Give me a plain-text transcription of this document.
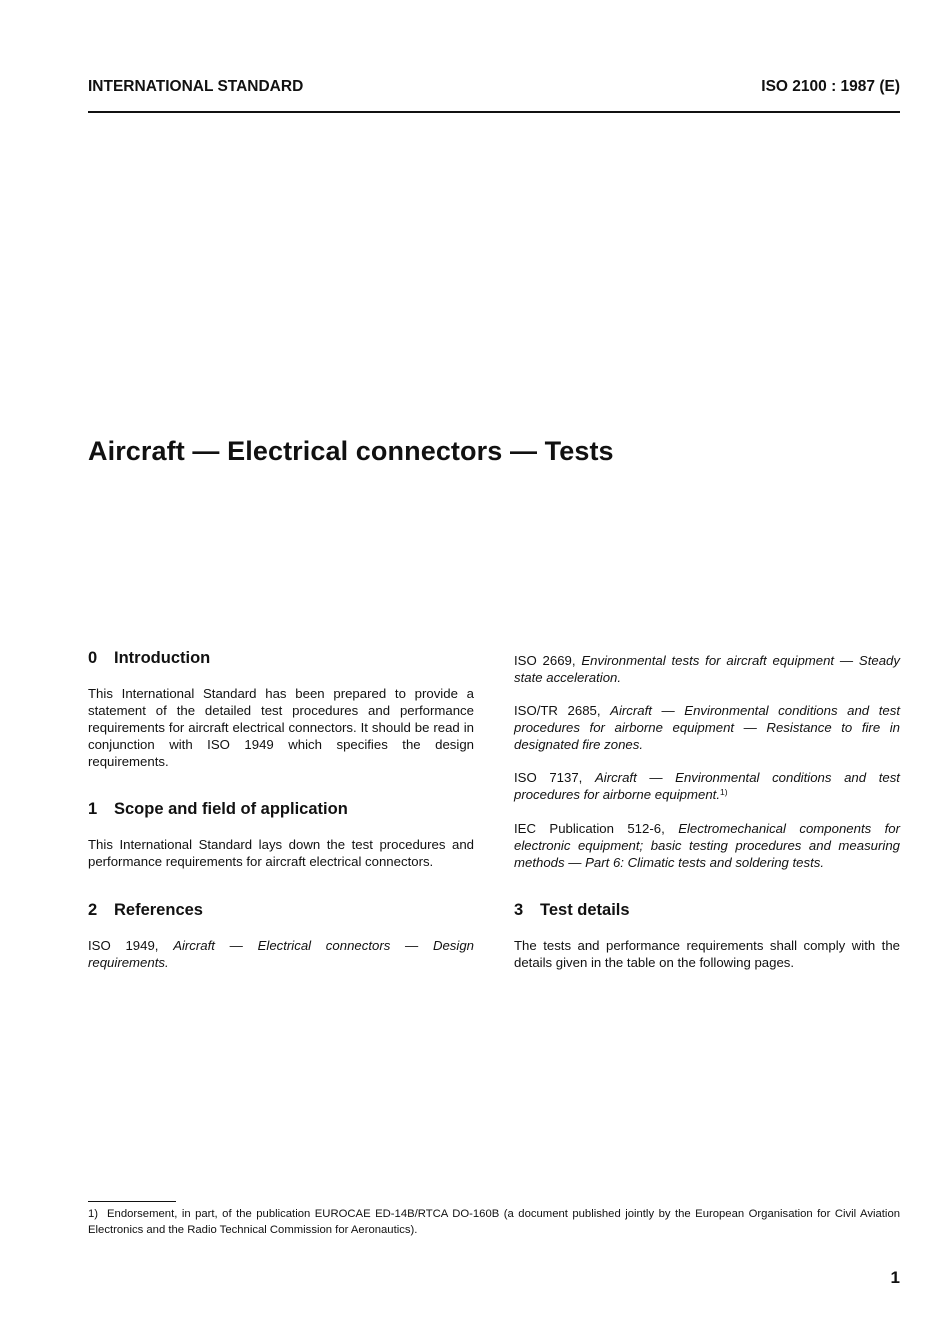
INTERNATIONAL STANDARD	ISO 2100 : 1987 (E)
Aircraft — Electrical connectors — Tests
0 Introduction
This International Standard has been prepared to provide a statement of the detailed test procedures and performance requirements for aircraft electrical connectors. It should be read in conjunction with ISO 1949 which specifies the design requirements.
1 Scope and field of application
This International Standard lays down the test procedures and performance requirements for aircraft electrical connectors.
2 References
ISO 1949, Aircraft — Electrical connectors — Design requirements.
ISO 2669, Environmental tests for aircraft equipment — Steady state acceleration.
ISO/TR 2685, Aircraft — Environmental conditions and test procedures for airborne equipment — Resistance to fire in designated fire zones.
ISO 7137, Aircraft — Environmental conditions and test procedures for airborne equipment.$^{1)}$
IEC Publication 512-6, Electromechanical components for electronic equipment; basic testing procedures and measuring methods — Part 6: Climatic tests and soldering tests.
3 Test details
The tests and performance requirements shall comply with the details given in the table on the following pages.
1) Endorsement, in part, of the publication EUROCAE ED-14B/RTCA DO-160B (a document published jointly by the European Organisation for Civil Aviation Electronics and the Radio Technical Commission for Aeronautics).
1
